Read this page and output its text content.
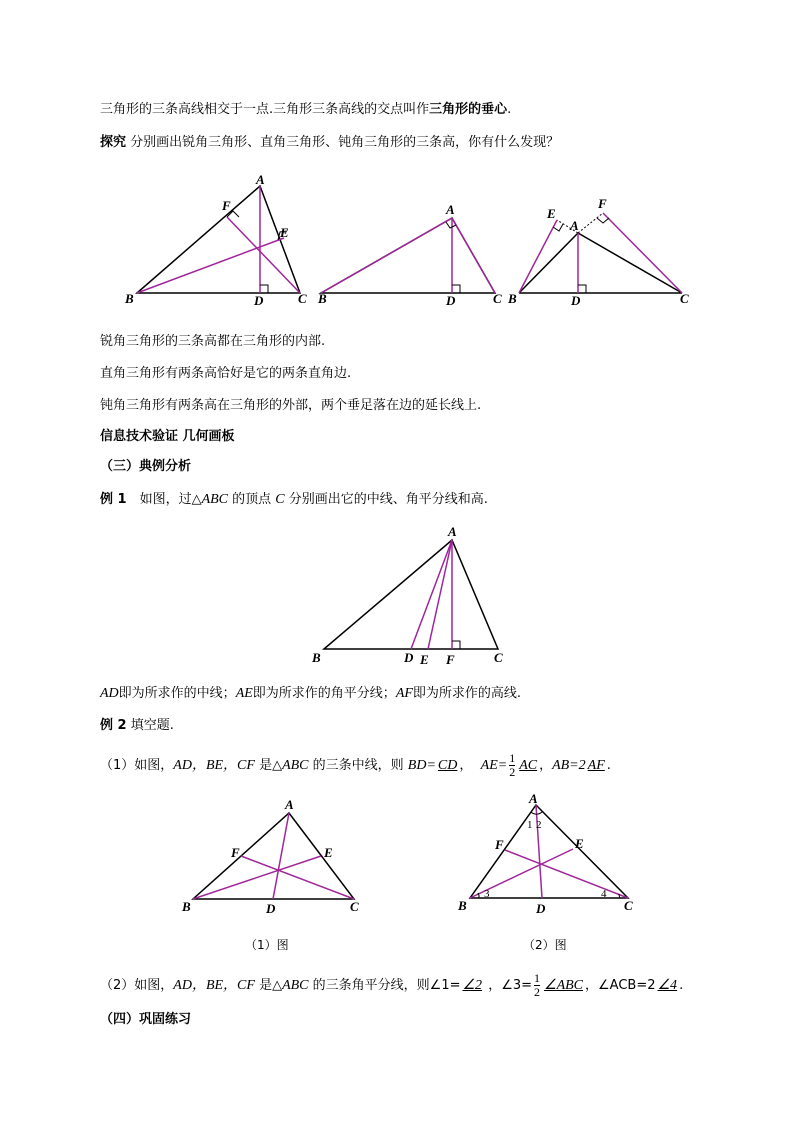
三角形的三条高线相交于一点.三角形三条高线的交点叫作三角形的垂心.
探究 分别画出锐角三角形、直角三角形、钝角三角形的三条高，你有什么发现？
A
B	C
D
E
F	A
B	C
D
A
B	C
D
E
F
锐角三角形的三条高都在三角形的内部.
直角三角形有两条高恰好是它的两条直角边.
钝角三角形有两条高在三角形的外部，两个垂足落在边的延长线上.
信息技术验证 几何画板
（三）典例分析
例 1　如图，过△ABC 的顶点 C 分别画出它的中线、角平分线和高.
A
B	C
D E F
AD即为所求作的中线；AE即为所求作的角平分线；AF即为所求作的高线.
例 2 填空题.
（1）如图，AD，BE，CF 是△ABC 的三条中线，则 BD= CD ， $AE= \frac{1}{2}$ AC ，AB=2 AF .
A
B	C
D
E
F
A
B	C
D
E
F
1 2
3	4
（1）图	（2）图
（2）如图，AD，BE，CF 是△ABC 的三条角平分线，则∠1= ∠2 ，∠3= $\frac{1}{2}$ ∠ABC ，∠ACB=2 ∠4 .
（四）巩固练习
